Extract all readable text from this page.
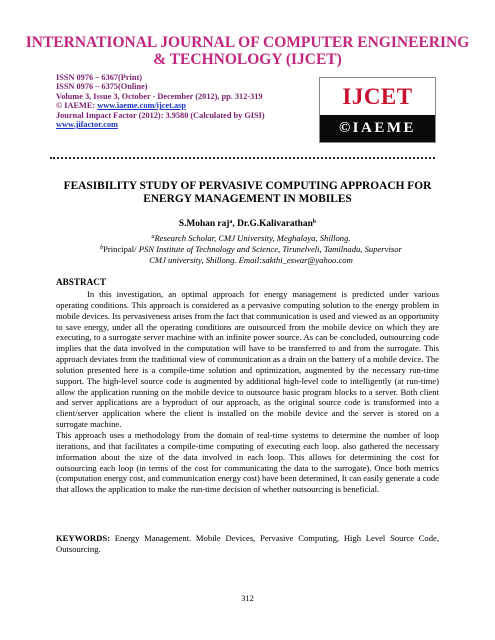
INTERNATIONAL JOURNAL OF COMPUTER ENGINEERING
& TECHNOLOGY (IJCET)
ISSN 0976 – 6367(Print)
ISSN 0976 – 6375(Online)
Volume 3, Issue 3, October - December (2012), pp. 312-319
© IAEME: www.iaeme.com/ijcet.asp
Journal Impact Factor (2012): 3.9580 (Calculated by GISI)
www.jifactor.com
IJCET
©IAEME
FEASIBILITY STUDY OF PERVASIVE COMPUTING APPROACH FOR
ENERGY MANAGEMENT IN MOBILES
S.Mohan raj$^a$, Dr.G.Kalivarathan$^b$
$^a$Research Scholar, CMJ University, Meghalaya, Shillong.
$^b$Principal/ PSN Institute of Technology and Science, Tirunelveli, Tamilnadu, Supervisor
CMJ university, Shillong. Email:sakthi_eswar@yahoo.com
ABSTRACT

In this investigation, an optimal approach for energy management is predicted under various operating conditions. This approach is considered as a pervasive computing solution to the energy problem in mobile devices. Its pervasiveness arises from the fact that communication is used and viewed as an opportunity to save energy, under all the operating conditions are outsourced from the mobile device on which they are executing, to a surrogate server machine with an infinite power source. As can be concluded, outsourcing code implies that the data involved in the computation will have to be transferred to and from the surrogate. This approach deviates from the traditional view of communication as a drain on the battery of a mobile device. The solution presented here is a compile-time solution and optimization, augmented by the necessary run-time support. The high-level source code is augmented by additional high-level code to intelligently (at run-time) allow the application running on the mobile device to outsource basic program blocks to a server. Both client and server applications are a byproduct of our approach, as the original source code is transformed into a client/server application where the client is installed on the mobile device and the server is stored on a surrogate machine.

This approach uses a methodology from the domain of real-time systems to determine the number of loop iterations, and that facilitates a compile-time computing of executing each loop. also gathered the necessary information about the size of the data involved in each loop. This allows for determining the cost for outsourcing each loop (in terms of the cost for communicating the data to the surrogate). Once both metrics (computation energy cost, and communication energy cost) have been determined, It can easily generate a code that allows the application to make the run-time decision of whether outsourcing is beneficial.

KEYWORDS: Energy Management. Mobile Devices, Pervasive Computing, High Level Source Code, Outsourcing.
312
